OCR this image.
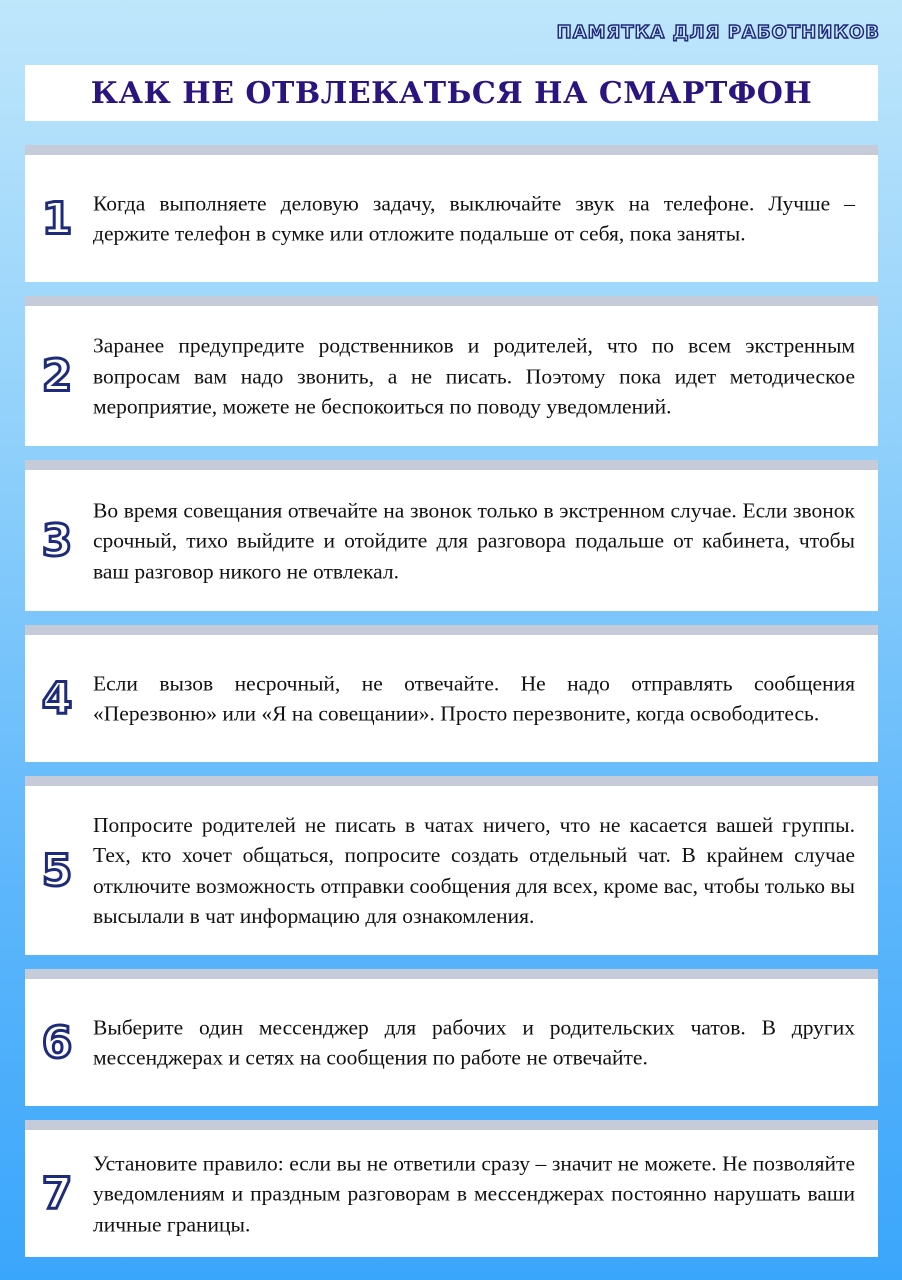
ПАМЯТКА ДЛЯ РАБОТНИКОВ
КАК НЕ ОТВЛЕКАТЬСЯ НА СМАРТФОН
1 Когда выполняете деловую задачу, выключайте звук на телефоне. Лучше – держите телефон в сумке или отложите подальше от себя, пока заняты.
2
Заранее предупредите родственников и родителей, что по всем экстренным вопросам вам надо звонить, а не писать. Поэтому пока идет методическое мероприятие, можете не беспокоиться по поводу уведомлений.
3
Во время совещания отвечайте на звонок только в экстренном случае. Если звонок срочный, тихо выйдите и отойдите для разговора подальше от кабинета, чтобы ваш разговор никого не отвлекал.
4 Если вызов несрочный, не отвечайте. Не надо отправлять сообщения «Перезвоню» или «Я на совещании». Просто перезвоните, когда освободитесь.
5
Попросите родителей не писать в чатах ничего, что не касается вашей группы. Тех, кто хочет общаться, попросите создать отдельный чат. В крайнем случае отключите возможность отправки сообщения для всех, кроме вас, чтобы только вы высылали в чат информацию для ознакомления.
6 Выберите один мессенджер для рабочих и родительских чатов. В других мессенджерах и сетях на сообщения по работе не отвечайте.
7
Установите правило: если вы не ответили сразу – значит не можете. Не позволяйте уведомлениям и праздным разговорам в мессенджерах постоянно нарушать ваши личные границы.
